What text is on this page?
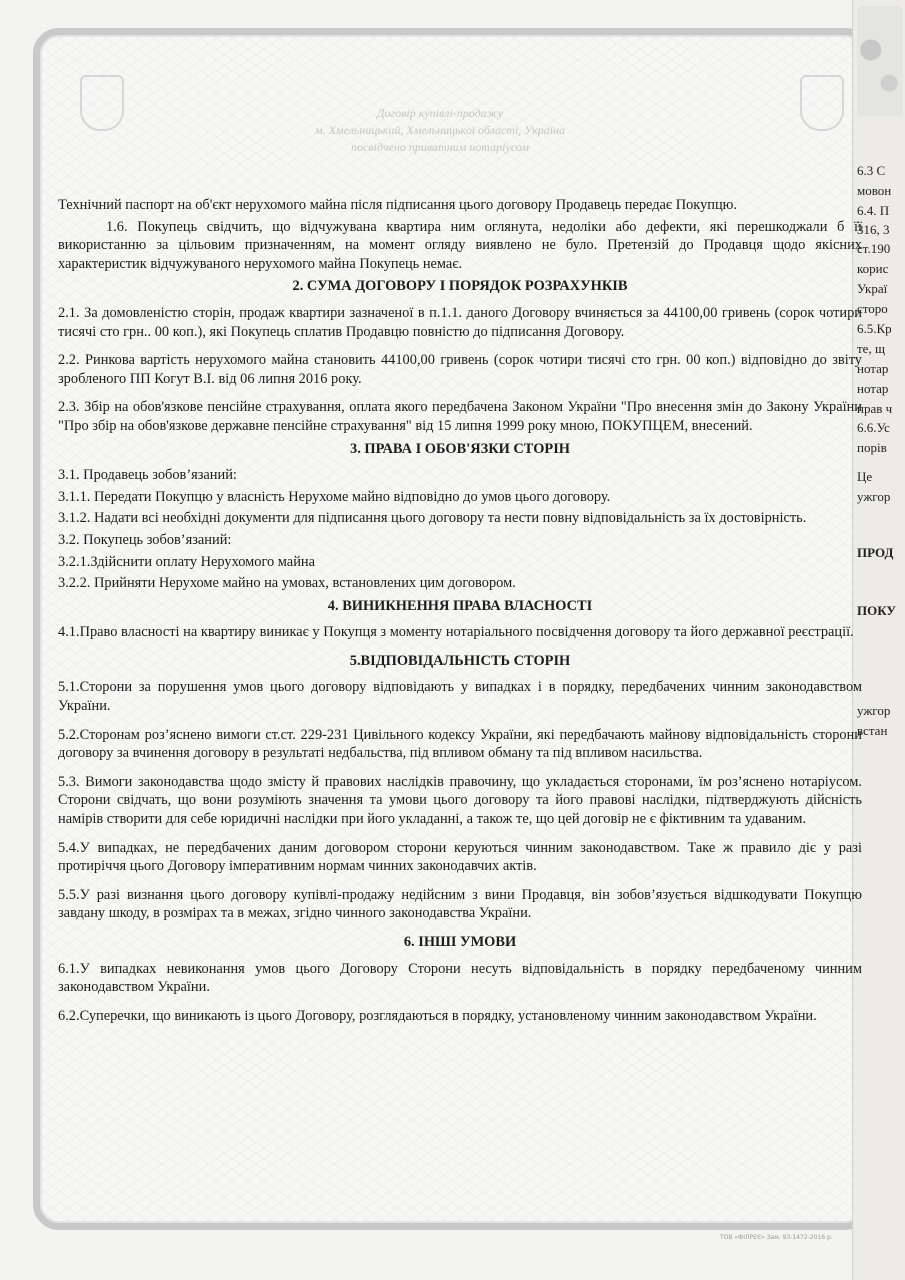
Договір купівлі-продажу
м. Хмельницький, Хмельницької області, Україна
посвідчено приватним нотаріусом
6.3 С
мовон
6.4. П
316, 3
ст.190
корис
Украї
сторо
6.5.Кр
те, щ
нотар
нотар
прав ч
6.6.Ус
порів
Це
ужгор
ПРОД
ПОКУ
ужгор
встан

Технічний паспорт на об'єкт нерухомого майна після підписання цього договору Продавець передає Покупцю.

1.6. Покупець свідчить, що відчужувана квартира ним оглянута, недоліки або дефекти, які перешкоджали б її використанню за цільовим призначенням, на момент огляду виявлено не було. Претензій до Продавця щодо якісних характеристик відчужуваного нерухомого майна Покупець немає.

2. СУМА ДОГОВОРУ І ПОРЯДОК РОЗРАХУНКІВ

2.1. За домовленістю сторін, продаж квартири зазначеної в п.1.1. даного Договору вчиняється за 44100,00 гривень (сорок чотири тисячі сто грн.. 00 коп.), які Покупець сплатив Продавцю повністю до підписання Договору.

2.2. Ринкова вартість нерухомого майна становить 44100,00 гривень (сорок чотири тисячі сто грн. 00 коп.) відповідно до звіту зробленого ПП Когут В.І. від 06 липня 2016 року.

2.3. Збір на обов'язкове пенсійне страхування, оплата якого передбачена Законом України "Про внесення змін до Закону України "Про збір на обов'язкове державне пенсійне страхування" від 15 липня 1999 року мною, ПОКУПЦЕМ, внесений.

3. ПРАВА І ОБОВ'ЯЗКИ СТОРІН

3.1. Продавець зобов’язаний:

3.1.1. Передати Покупцю у власність Нерухоме майно відповідно до умов цього договору.

3.1.2. Надати всі необхідні документи для підписання цього договору та нести повну відповідальність за їх достовірність.

3.2. Покупець зобов’язаний:

3.2.1.Здійснити оплату Нерухомого майна

3.2.2. Прийняти Нерухоме майно на умовах, встановлених цим договором.

4. ВИНИКНЕННЯ ПРАВА ВЛАСНОСТІ

4.1.Право власності на квартиру виникає у Покупця з моменту нотаріального посвідчення договору та його державної реєстрації.

5.ВІДПОВІДАЛЬНІСТЬ СТОРІН

5.1.Сторони за порушення умов цього договору відповідають у випадках і в порядку, передбачених чинним законодавством України.

5.2.Сторонам роз’яснено вимоги ст.ст. 229-231 Цивільного кодексу України, які передбачають майнову відповідальність сторони договору за вчинення договору в результаті недбальства, під впливом обману та під впливом насильства.

5.3. Вимоги законодавства щодо змісту й правових наслідків правочину, що укладається сторонами, їм роз’яснено нотаріусом. Сторони свідчать, що вони розуміють значення та умови цього договору та його правові наслідки, підтверджують дійсність намірів створити для себе юридичні наслідки при його укладанні, а також те, що цей договір не є фіктивним та удаваним.

5.4.У випадках, не передбачених даним договором сторони керуються чинним законодавством. Таке ж правило діє у разі протиріччя цього Договору імперативним нормам чинних законодавчих актів.

5.5.У разі визнання цього договору купівлі-продажу недійсним з вини Продавця, він зобов’язується відшкодувати Покупцю завдану шкоду, в розмірах та в межах, згідно чинного законодавства України.

6. ІНШІ УМОВИ

6.1.У випадках невиконання умов цього Договору Сторони несуть відповідальність в порядку передбаченому чинним законодавством України.

6.2.Суперечки, що виникають із цього Договору, розглядаються в порядку, установленому чинним законодавством України.

ТОВ «ФІЛРЕЄ» Зам. 93-1472-2016 р.
